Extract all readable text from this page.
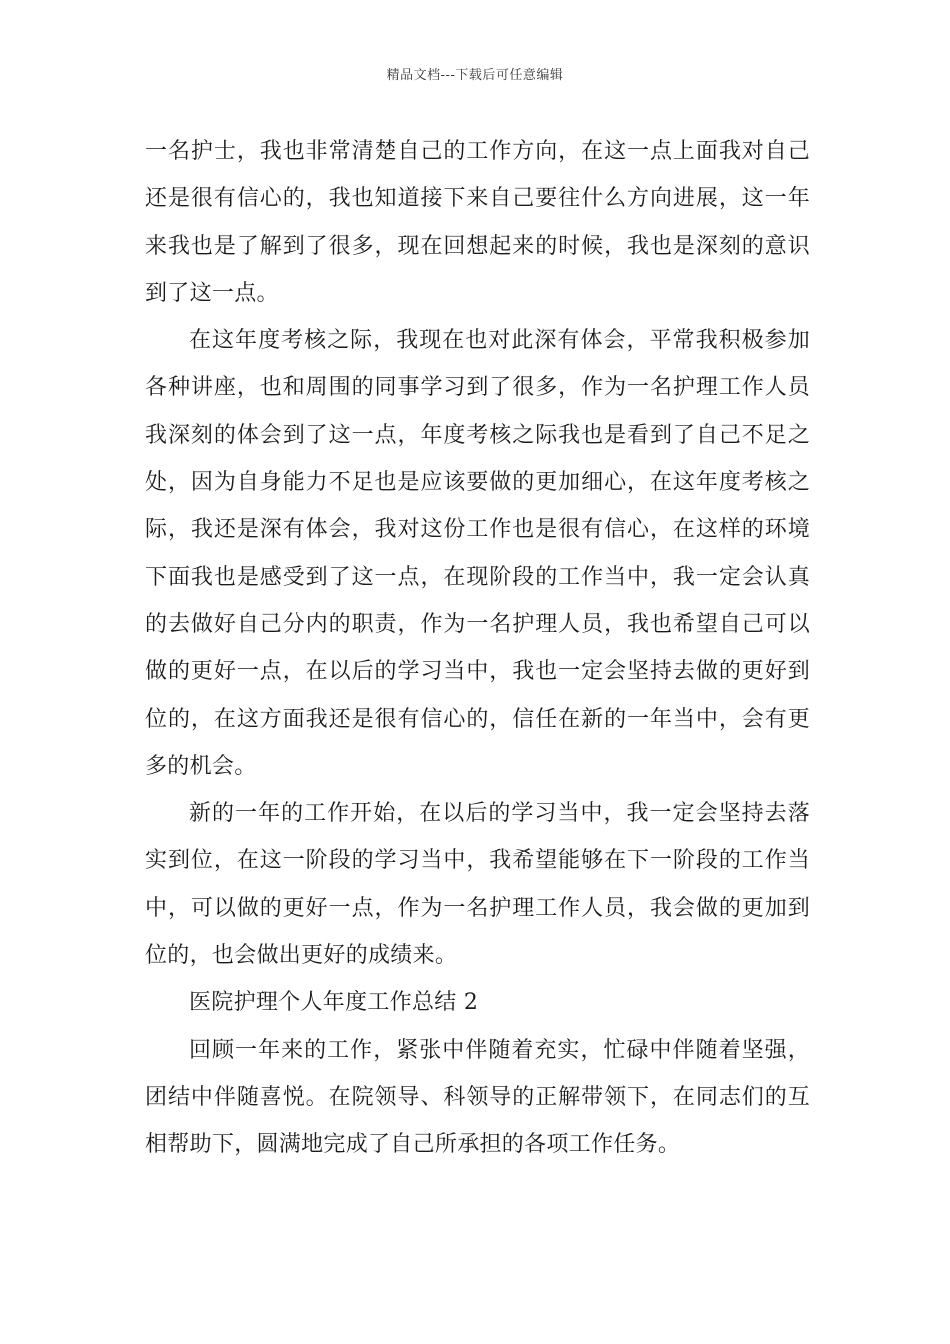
精品文档---下载后可任意编辑

一名护士，我也非常清楚自己的工作方向，在这一点上面我对自己还是很有信心的，我也知道接下来自己要往什么方向进展，这一年来我也是了解到了很多，现在回想起来的时候，我也是深刻的意识到了这一点。

在这年度考核之际，我现在也对此深有体会，平常我积极参加各种讲座，也和周围的同事学习到了很多，作为一名护理工作人员我深刻的体会到了这一点，年度考核之际我也是看到了自己不足之处，因为自身能力不足也是应该要做的更加细心，在这年度考核之际，我还是深有体会，我对这份工作也是很有信心，在这样的环境下面我也是感受到了这一点，在现阶段的工作当中，我一定会认真的去做好自己分内的职责，作为一名护理人员，我也希望自己可以做的更好一点，在以后的学习当中，我也一定会坚持去做的更好到位的，在这方面我还是很有信心的，信任在新的一年当中，会有更多的机会。

新的一年的工作开始，在以后的学习当中，我一定会坚持去落实到位，在这一阶段的学习当中，我希望能够在下一阶段的工作当中，可以做的更好一点，作为一名护理工作人员，我会做的更加到位的，也会做出更好的成绩来。

医院护理个人年度工作总结 2

回顾一年来的工作，紧张中伴随着充实，忙碌中伴随着坚强，团结中伴随喜悦。在院领导、科领导的正解带领下，在同志们的互相帮助下，圆满地完成了自己所承担的各项工作任务。
